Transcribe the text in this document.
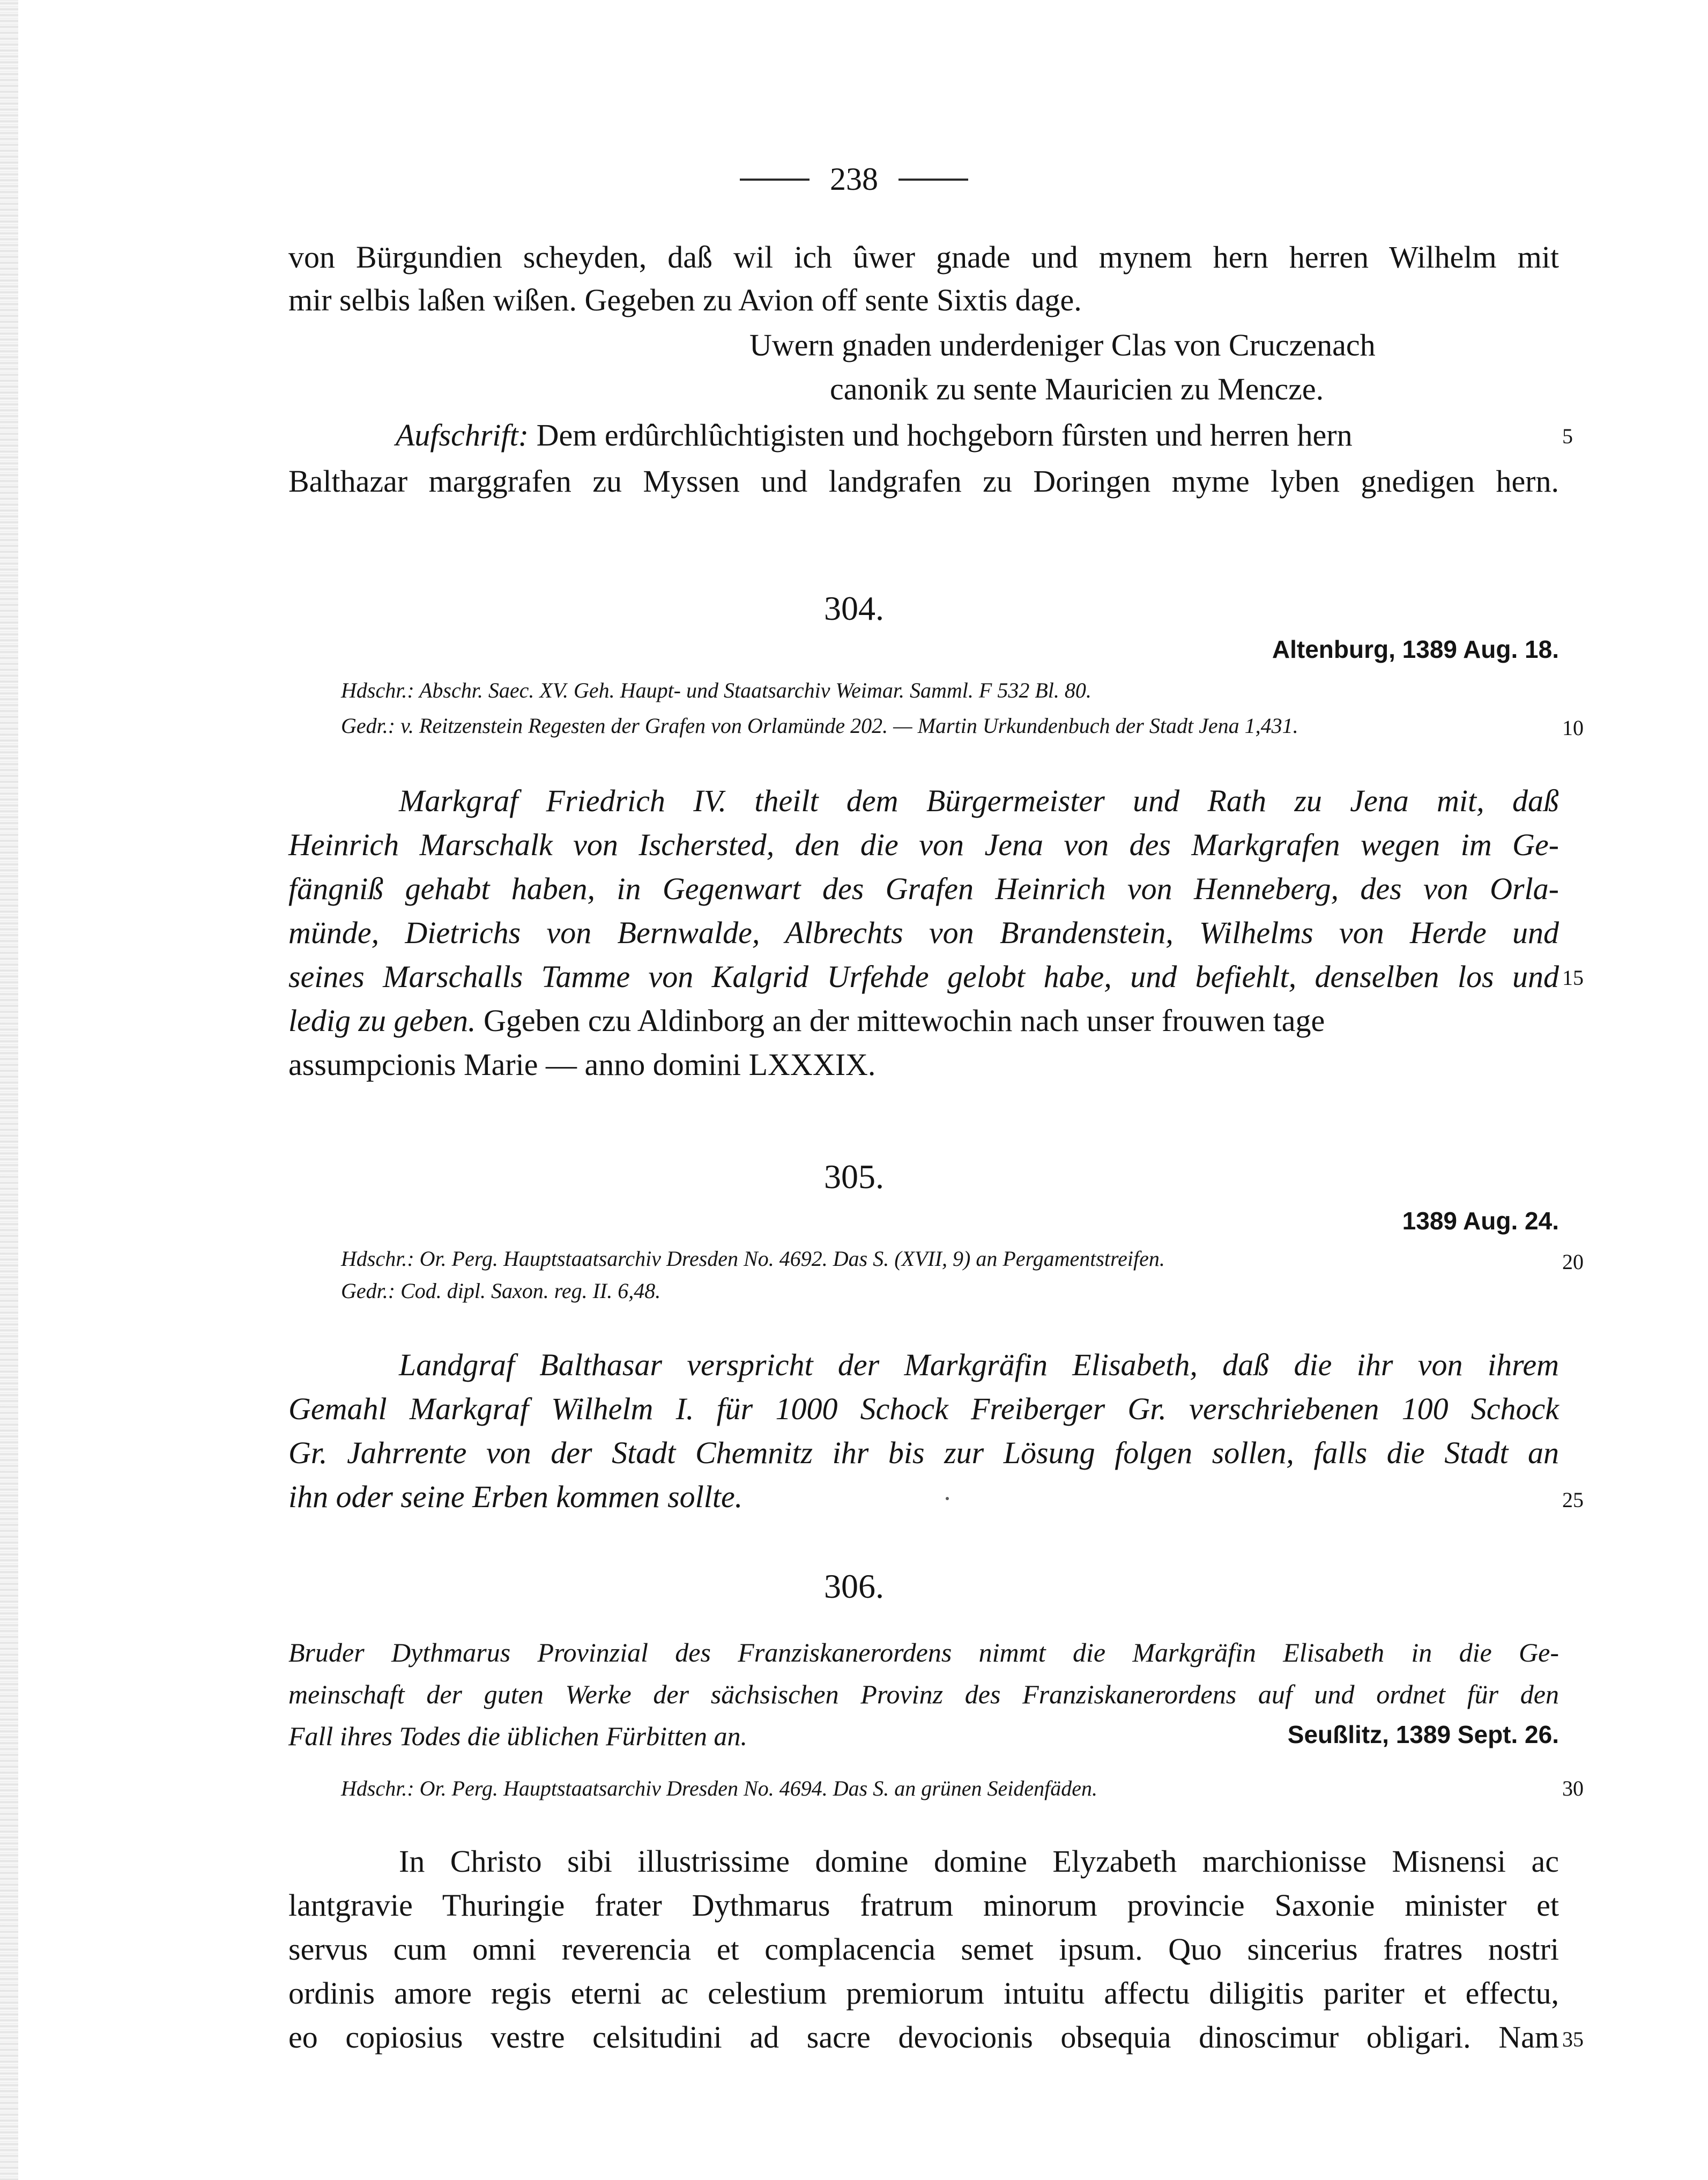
238
von Bürgundien scheyden, daß wil ich ûwer gnade und mynem hern herren Wilhelm mit
mir selbis laßen wißen. Gegeben zu Avion off sente Sixtis dage.
Uwern gnaden underdeniger Clas von Cruczenach
canonik zu sente Mauricien zu Mencze.
Aufschrift: Dem erdûrchlûchtigisten und hochgeborn fûrsten und herren hern
Balthazar marggrafen zu Myssen und landgrafen zu Doringen myme lyben gnedigen hern.
5
304.
Altenburg, 1389 Aug. 18.
Hdschr.: Abschr. Saec. XV. Geh. Haupt- und Staatsarchiv Weimar. Samml. F 532 Bl. 80.
Gedr.: v. Reitzenstein Regesten der Grafen von Orlamünde 202. — Martin Urkundenbuch der Stadt Jena 1,431.	10
Markgraf Friedrich IV. theilt dem Bürgermeister und Rath zu Jena mit, daß
Heinrich Marschalk von Ischersted, den die von Jena von des Markgrafen wegen im Ge-
fängniß gehabt haben, in Gegenwart des Grafen Heinrich von Henneberg, des von Orla-
münde, Dietrichs von Bernwalde, Albrechts von Brandenstein, Wilhelms von Herde und
seines Marschalls Tamme von Kalgrid Urfehde gelobt habe, und befiehlt, denselben los und
ledig zu geben. Ggeben czu Aldinborg an der mittewochin nach unser frouwen tage
assumpcionis Marie — anno domini LXXXIX.
15
305.
1389 Aug. 24.
Hdschr.: Or. Perg. Hauptstaatsarchiv Dresden No. 4692. Das S. (XVII, 9) an Pergamentstreifen.	20
Gedr.: Cod. dipl. Saxon. reg. II. 6,48.
Landgraf Balthasar verspricht der Markgräfin Elisabeth, daß die ihr von ihrem
Gemahl Markgraf Wilhelm I. für 1000 Schock Freiberger Gr. verschriebenen 100 Schock
Gr. Jahrrente von der Stadt Chemnitz ihr bis zur Lösung folgen sollen, falls die Stadt an
ihn oder seine Erben kommen sollte.	25
306.
Bruder Dythmarus Provinzial des Franziskanerordens nimmt die Markgräfin Elisabeth in die Ge-
meinschaft der guten Werke der sächsischen Provinz des Franziskanerordens auf und ordnet für den
Fall ihres Todes die üblichen Fürbitten an.	Seußlitz, 1389 Sept. 26.
Hdschr.: Or. Perg. Hauptstaatsarchiv Dresden No. 4694. Das S. an grünen Seidenfäden.	30
In Christo sibi illustrissime domine domine Elyzabeth marchionisse Misnensi ac
lantgravie Thuringie frater Dythmarus fratrum minorum provincie Saxonie minister et
servus cum omni reverencia et complacencia semet ipsum. Quo sincerius fratres nostri
ordinis amore regis eterni ac celestium premiorum intuitu affectu diligitis pariter et effectu,
eo copiosius vestre celsitudini ad sacre devocionis obsequia dinoscimur obligari. Nam 35
